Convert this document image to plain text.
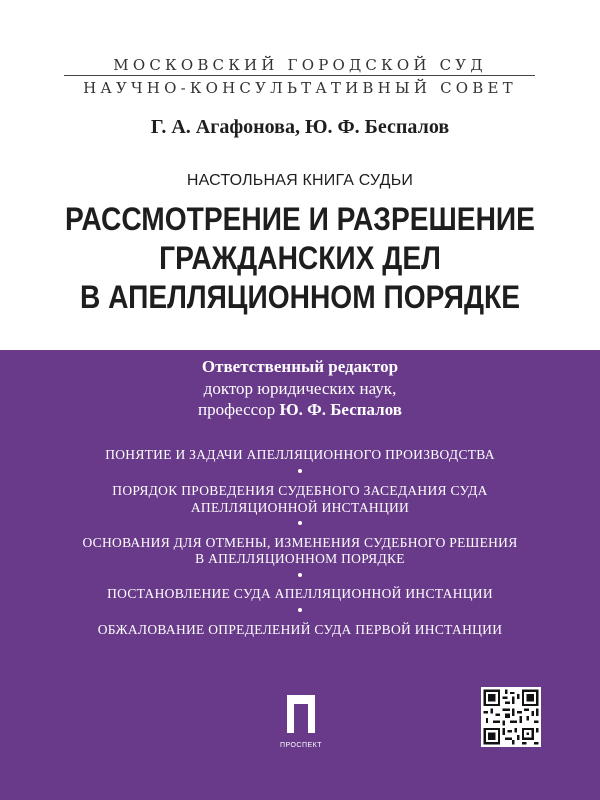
МОСКОВСКИЙ ГОРОДСКОЙ СУД
НАУЧНО-КОНСУЛЬТАТИВНЫЙ СОВЕТ
Г. А. Агафонова, Ю. Ф. Беспалов
НАСТОЛЬНАЯ КНИГА СУДЬИ
РАССМОТРЕНИЕ И РАЗРЕШЕНИЕ
ГРАЖДАНСКИХ ДЕЛ
В АПЕЛЛЯЦИОННОМ ПОРЯДКЕ
Ответственный редактор
доктор юридических наук,
профессор Ю. Ф. Беспалов
ПОНЯТИЕ И ЗАДАЧИ АПЕЛЛЯЦИОННОГО ПРОИЗВОДСТВА
ПОРЯДОК ПРОВЕДЕНИЯ СУДЕБНОГО ЗАСЕДАНИЯ СУДА
АПЕЛЛЯЦИОННОЙ ИНСТАНЦИИ
ОСНОВАНИЯ ДЛЯ ОТМЕНЫ, ИЗМЕНЕНИЯ СУДЕБНОГО РЕШЕНИЯ
В АПЕЛЛЯЦИОННОМ ПОРЯДКЕ
ПОСТАНОВЛЕНИЕ СУДА АПЕЛЛЯЦИОННОЙ ИНСТАНЦИИ
ОБЖАЛОВАНИЕ ОПРЕДЕЛЕНИЙ СУДА ПЕРВОЙ ИНСТАНЦИИ
ПРОСПЕКТ
